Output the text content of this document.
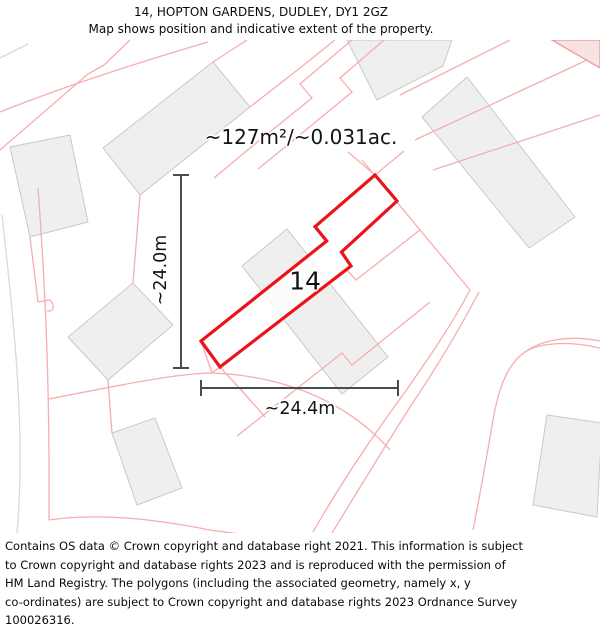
14, HOPTON GARDENS, DUDLEY, DY1 2GZ
Map shows position and indicative extent of the property.
~127m²/~0.031ac.
14
~24.0m
~24.4m
Contains OS data © Crown copyright and database right 2021. This information is subject
to Crown copyright and database rights 2023 and is reproduced with the permission of
HM Land Registry. The polygons (including the associated geometry, namely x, y
co-ordinates) are subject to Crown copyright and database rights 2023 Ordnance Survey
100026316.
